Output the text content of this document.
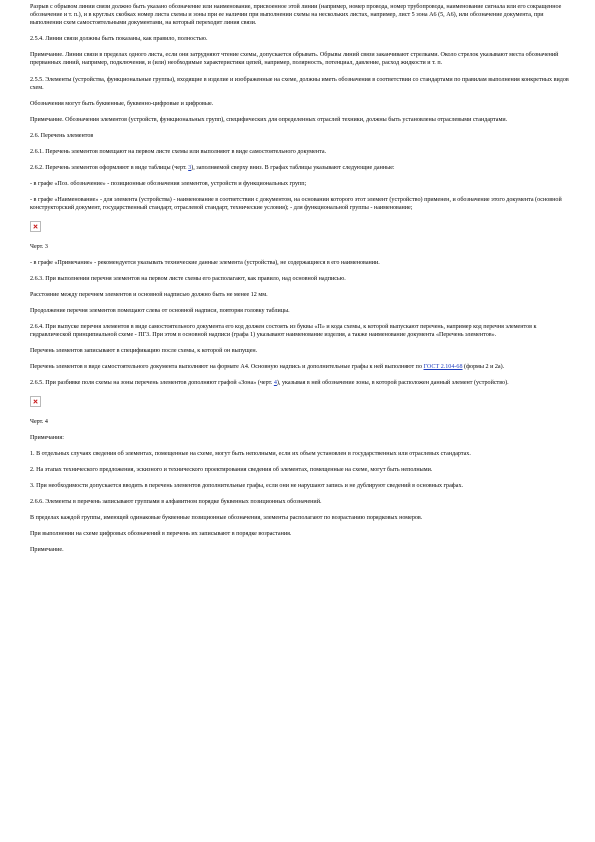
Разрыв с обрывом линии связи должно быть указано обозначение или наименование, присвоенное этой линии (например, номер провода, номер трубопровода, наименование сигнала или его сокращенное обозначение и т. п.), и в круглых скобках номер листа схемы и зоны при ее наличии при выполнении схемы на нескольких листах, например, лист 5 зона А6 (5, А6), или обозначение документа, при выполнении схем самостоятельными документами, на который переходит линия связи.

2.5.4. Линии связи должны быть показаны, как правило, полностью.

Примечание. Линии связи в пределах одного листа, если они затрудняют чтение схемы, допускается обрывать. Обрывы линий связи заканчивают стрелками. Около стрелок указывают места обозначений прерванных линий, например, подключения, и (или) необходимые характеристики цепей, например, полярность, потенциал, давление, расход жидкости и т. п.

2.5.5. Элементы (устройства, функциональные группы), входящие в изделие и изображенные на схеме, должны иметь обозначения в соответствии со стандартами по правилам выполнения конкретных видов схем.

Обозначения могут быть буквенные, буквенно-цифровые и цифровые.

Примечание. Обозначения элементов (устройств, функциональных групп), специфических для определенных отраслей техники, должны быть установлены отраслевыми стандартами.

2.6. Перечень элементов

2.6.1. Перечень элементов помещают на первом листе схемы или выполняют в виде самостоятельного документа.

2.6.2. Перечень элементов оформляют в виде таблицы (черт. 3), заполняемой сверху вниз. В графах таблицы указывают следующие данные:

- в графе «Поз. обозначение» - позиционные обозначения элементов, устройств и функциональных групп;

- в графе «Наименование» - для элемента (устройства) - наименование в соответствии с документом, на основании которого этот элемент (устройство) применен, и обозначение этого документа (основной конструкторский документ, государственный стандарт, отраслевой стандарт, технические условия); - для функциональной группы - наименование;

Черт. 3

- в графе «Примечание» - рекомендуется указывать технические данные элемента (устройства), не содержащиеся в его наименовании.

2.6.3. При выполнении перечня элементов на первом листе схемы его располагают, как правило, над основной надписью.

Расстояние между перечнем элементов и основной надписью должно быть не менее 12 мм.

Продолжение перечня элементов помещают слева от основной надписи, повторяя головку таблицы.

2.6.4. При выпуске перечня элементов в виде самостоятельного документа его код должен состоять из буквы «П» и кода схемы, к которой выпускают перечень, например код перечня элементов к гидравлической принципиальной схеме - ПГ3. При этом в основной надписи (графа 1) указывают наименование изделия, а также наименование документа «Перечень элементов».

Перечень элементов записывают в спецификацию после схемы, к которой он выпущен.

Перечень элементов в виде самостоятельного документа выполняют на формате А4. Основную надпись и дополнительные графы к ней выполняют по ГОСТ 2.104-68 (формы 2 и 2а).

2.6.5. При разбивке поля схемы на зоны перечень элементов дополняют графой «Зона» (черт. 4), указывая в ней обозначение зоны, в которой расположен данный элемент (устройство).

Черт. 4

Примечания:

1. В отдельных случаях сведения об элементах, помещенные на схеме, могут быть неполными, если их объем установлен в государственных или отраслевых стандартах.

2. На этапах технического предложения, эскизного и технического проектирования сведения об элементах, помещенные на схеме, могут быть неполными.

3. При необходимости допускается вводить в перечень элементов дополнительные графы, если они не нарушают запись и не дублируют сведений в основных графах.

2.6.6. Элементы в перечень записывают группами в алфавитном порядке буквенных позиционных обозначений.

В пределах каждой группы, имеющей одинаковые буквенные позиционные обозначения, элементы располагают по возрастанию порядковых номеров.

При выполнении на схеме цифровых обозначений в перечень их записывают в порядке возрастания.

Примечание.
